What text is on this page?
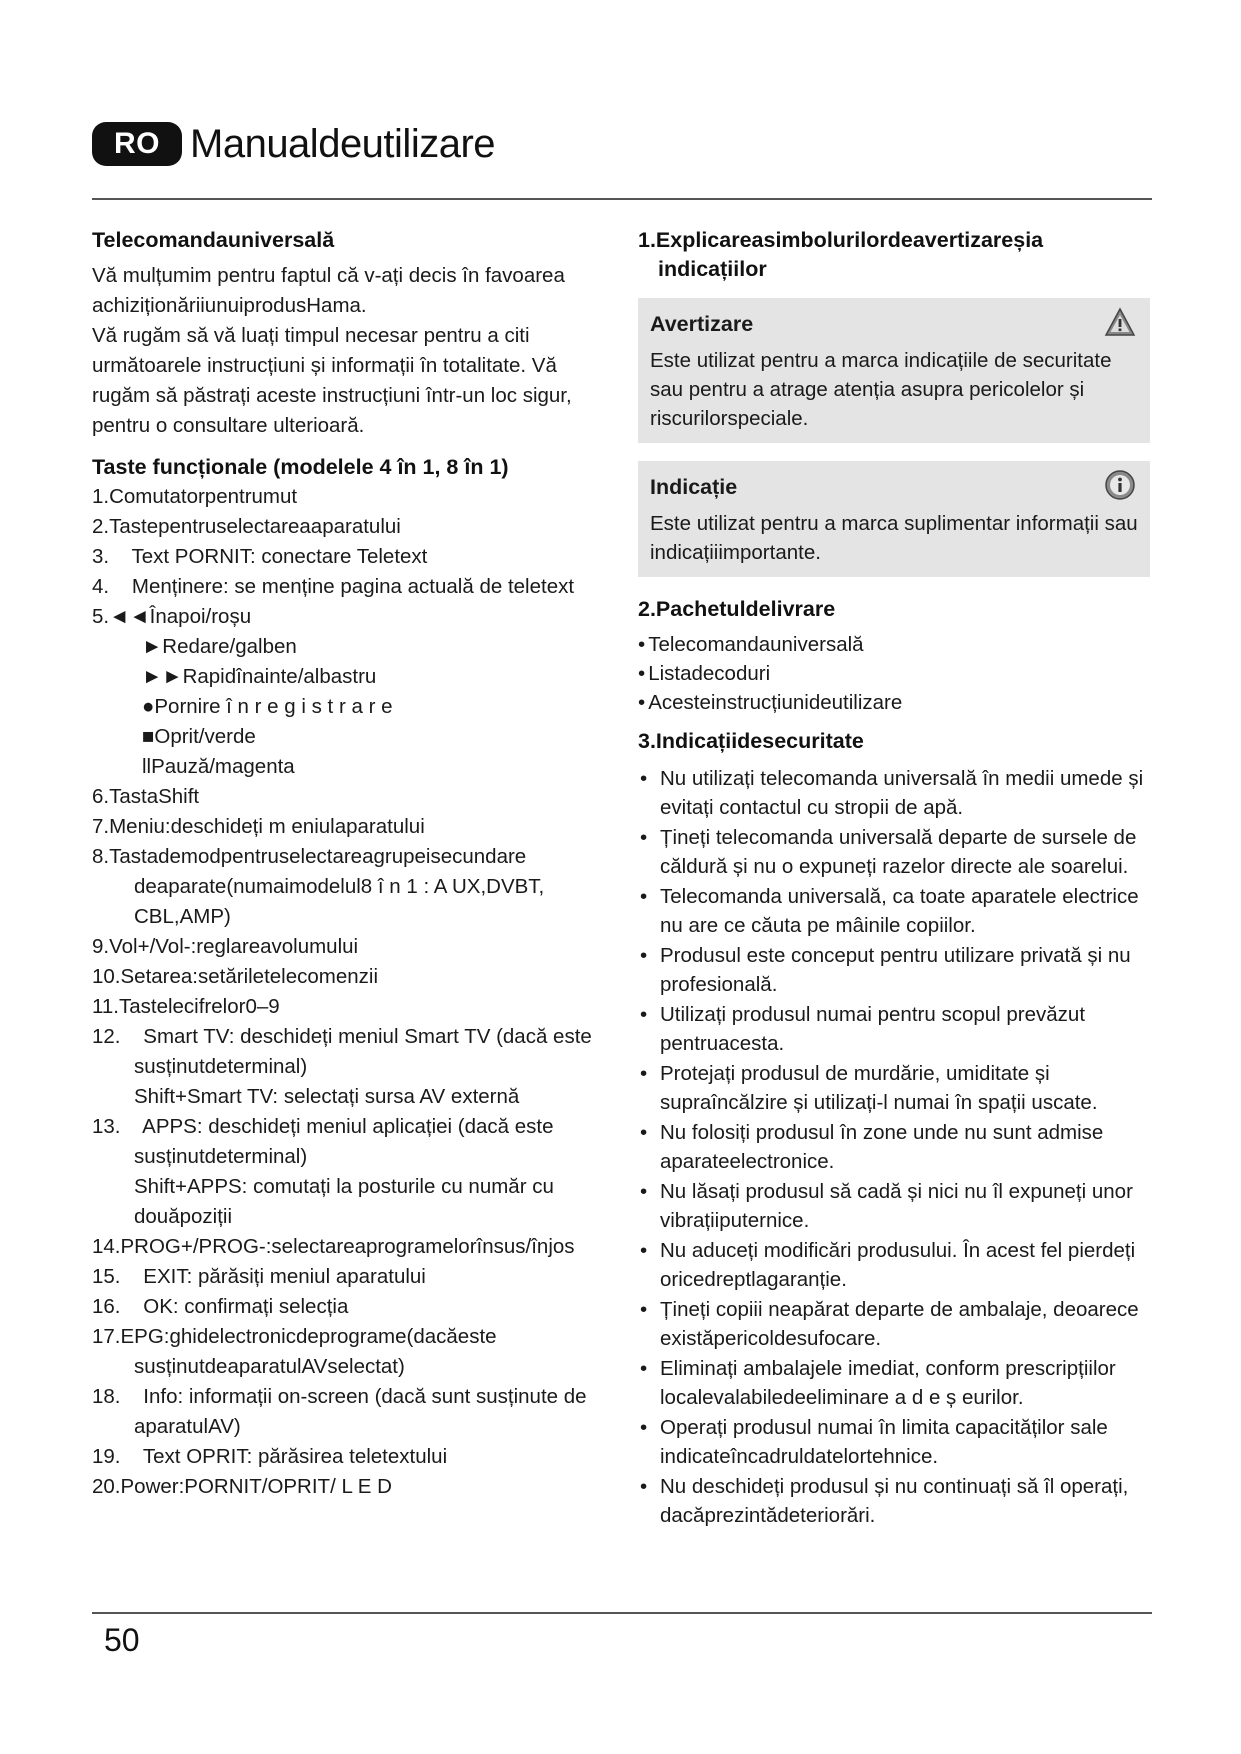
RO Manualdeutilizare
Telecomandauniversală

Vă mulțumim pentru faptul că v-ați decis în favoarea

achiziționăriiunuiprodusHama.

Vă rugăm să vă luați timpul necesar pentru a citi

următoarele instrucțiuni și informații în totalitate. Vă

rugăm să păstrați aceste instrucțiuni într-un loc sigur,

pentru o consultare ulterioară.

Taste funcționale (modelele 4 în 1, 8 în 1)
1.Comutatorpentrumut
2.Tastepentruselectareaaparatului
3.    Text PORNIT: conectare Teletext
4.    Menținere: se menține pagina actuală de teletext
5.◄◄Înapoi/roșu
►Redare/galben
►►Rapidînainte/albastru
●Pornire î n r e g i s t r a r e
■Oprit/verde
llPauză/magenta
6.TastaShift
7.Meniu:deschideți m eniulaparatului
8.Tastademodpentruselectareagrupeisecundare
deaparate(numaimodelul8 î n 1 : A UX,DVBT,
CBL,AMP)
9.Vol+/Vol-:reglareavolumului
10.Setarea:setăriletelecomenzii
11.Tastelecifrelor0–9
12.    Smart TV: deschideți meniul Smart TV (dacă este
susținutdeterminal)
Shift+Smart TV: selectați sursa AV externă
13.    APPS: deschideți meniul aplicației (dacă este
susținutdeterminal)
Shift+APPS: comutați la posturile cu număr cu
douăpoziții
14.PROG+/PROG-:selectareaprogramelorînsus/înjos
15.    EXIT: părăsiți meniul aparatului
16.    OK: confirmați selecția
17.EPG:ghidelectronicdeprograme(dacăeste
susținutdeaparatulAVselectat)
18.    Info: informații on-screen (dacă sunt susținute de
aparatulAV)
19.    Text OPRIT: părăsirea teletextului
20.Power:PORNIT/OPRIT/ L E D
1.Explicareasimbolurilordeavertizareșia indicațiilor
Avertizare

Este utilizat pentru a marca indicațiile de securitate sau pentru a atrage atenția asupra pericolelor și riscurilorspeciale.

Indicație

Este utilizat pentru a marca suplimentar informații sau indicațiiimportante.

2.Pachetuldelivrare
• Telecomandauniversală
• Listadecoduri
• Acesteinstrucțiunideutilizare
3.Indicațiidesecuritate
• Nu utilizați telecomanda universală în medii umede și evitați contactul cu stropii de apă.
• Țineți telecomanda universală departe de sursele de căldură și nu o expuneți razelor directe ale soarelui.
• Telecomanda universală, ca toate aparatele electrice nu are ce căuta pe mâinile copiilor.
• Produsul este conceput pentru utilizare privată și nu profesională.
• Utilizați produsul numai pentru scopul prevăzut pentruacesta.
• Protejați produsul de murdărie, umiditate și supraîncălzire și utilizați-l numai în spații uscate.
• Nu folosiți produsul în zone unde nu sunt admise aparateelectronice.
• Nu lăsați produsul să cadă și nici nu îl expuneți unor vibrațiiputernice.
• Nu aduceți modificări produsului. În acest fel pierdeți oricedreptlagaranție.
• Țineți copiii neapărat departe de ambalaje, deoarece existăpericoldesufocare.
• Eliminați ambalajele imediat, conform prescripțiilor localevalabiledeeliminare a d e ș eurilor.
• Operați produsul numai în limita capacităților sale indicateîncadruldatelortehnice.
• Nu deschideți produsul și nu continuați să îl operați, dacăprezintădeteriorări.
50
